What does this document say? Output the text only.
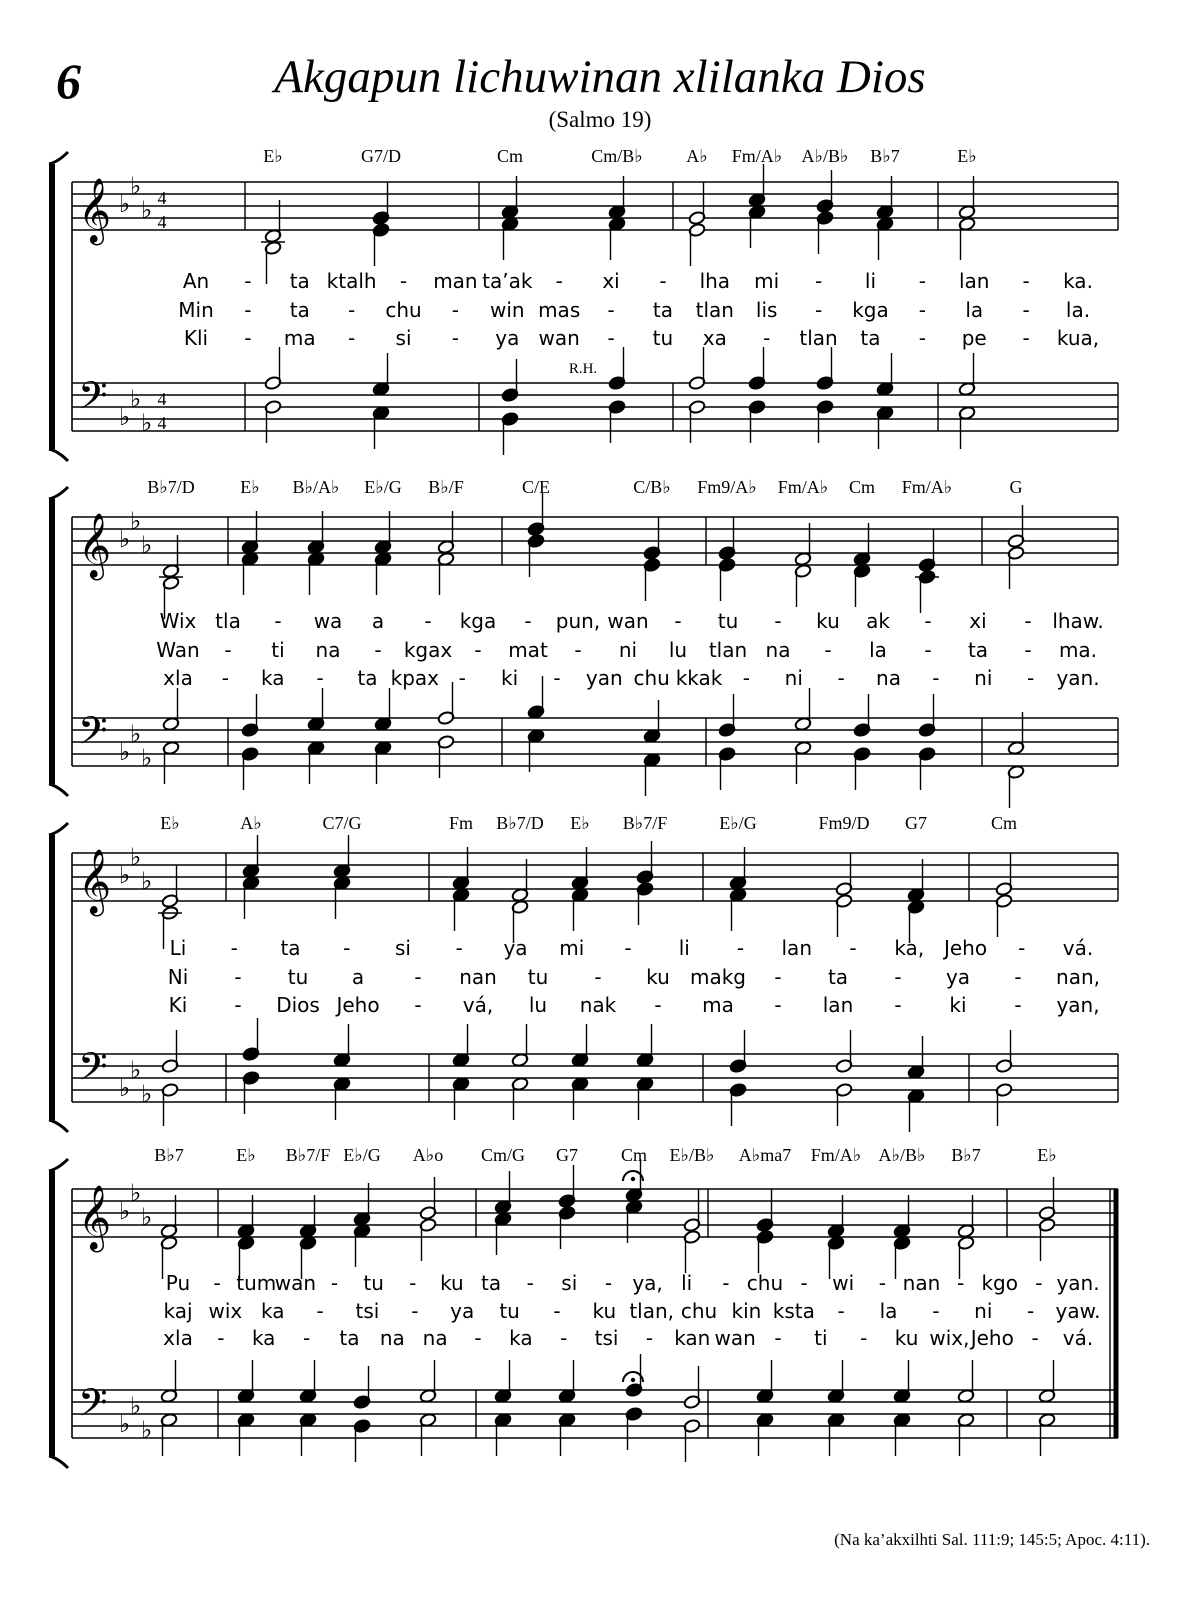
6	Akgapun lichuwinan xlilanka Dios
(Salmo 19)
(Na ka’akxilhti Sal. 111:9; 145:5; Apoc. 4:11).
𝄞
𝄢
♭
♭
♭
♭
♭
♭
4
4
4
4
E♭	G7/D	Cm	Cm/B♭ A♭ Fm/A♭ A♭/B♭ B♭7	E♭
An - ta ktalh - man ta’ak - xi - lha mi - li - lan - ka.
Min - ta - chu - win mas - ta tlan lis - kga - la - la.
Kli - ma - si - ya wan - tu xa - tlan ta - pe - kua,
R.H.
𝄞
𝄢
♭
♭
♭
♭
♭
♭
B♭7/D	E♭ B♭/A♭ E♭/G B♭/F	C/E	C/B♭ Fm9/A♭ Fm/A♭ Cm Fm/A♭	G
Wix tla - wa a - kga - pun, wan - tu - ku ak - xi - lhaw.
Wan - ti na - kgax - mat - ni lu tlan na - la - ta - ma.
xla - ka - ta kpax - ki - yan chu kkak - ni - na - ni - yan.
𝄞
𝄢
♭
♭
♭
♭
♭
♭
E♭	A♭	C7/G	Fm B♭7/D E♭ B♭7/F	E♭/G	Fm9/D G7	Cm
Li - ta - si - ya mi - li - lan - ka, Jeho - vá.
Ni - tu a	- nan tu - ku makg - ta - ya - nan,
Ki - Dios Jeho - vá, lu nak - ma - lan - ki - yan,
𝄞
𝄢
♭
♭
♭
♭
♭
♭
B♭7	E♭ B♭7/F E♭/G A♭o Cm/G G7 Cm E♭/B♭ A♭ma7 Fm/A♭ A♭/B♭ B♭7	E♭
Pu - tum
wan - tu - ku ta - si - ya, li - chu - wi - nan - kgo - yan.
kaj wix ka - tsi - ya tu - ku tlan, chu kin ksta - la - ni - yaw.
xla - ka - ta na na - ka - tsi - kan wan - ti - ku wix, Jeho - vá.
